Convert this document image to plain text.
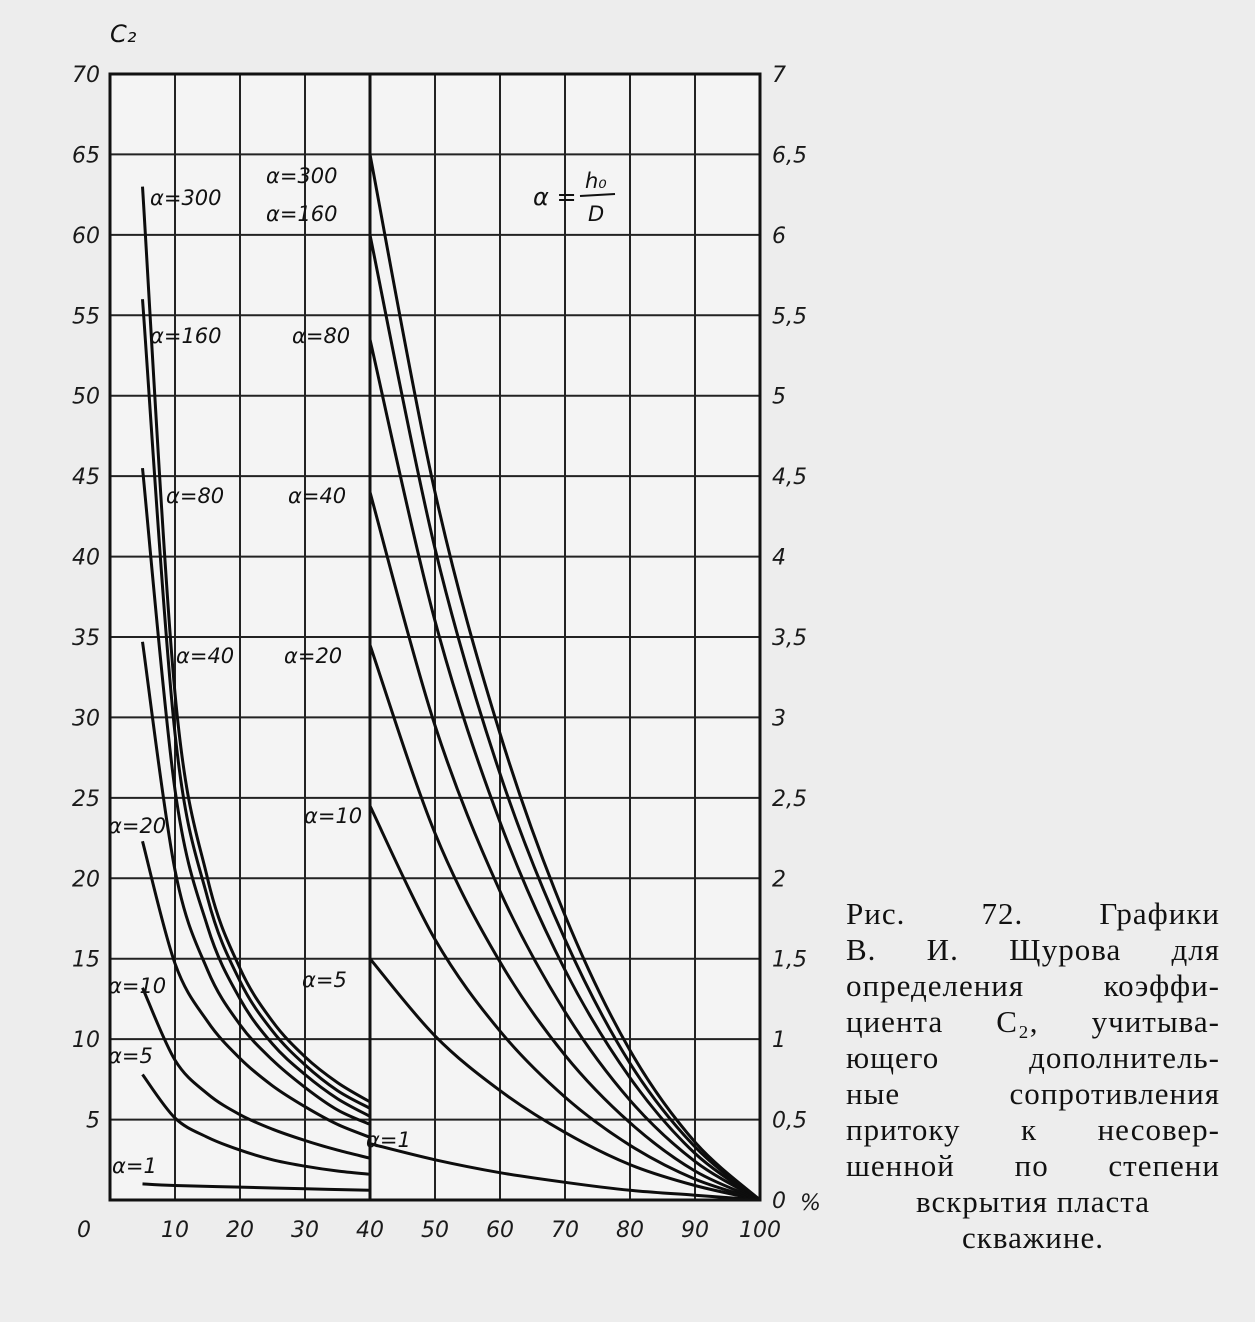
0	10 20 30 40 50 60 70 80 90 100
5
10
15
20
25
30
35
40
45
50
55
60
65
70
0
0,5
1
1,5
2
2,5
3
3,5
4
4,5
5
5,5
6
6,5
7
α=1
α=5
α=10
α=20
α=40
α=80
α=160
α=300
α=1
α=5
α=10
α=20
α=40
α=80
α=160
α=300
C₂
%
α =
h₀
D
Рис. 72. Графики
В. И. Щурова для
определения коэффи-
циента C₂, учитыва-
ющего дополнитель-
ные сопротивления
притоку к несовер-
шенной по степени
вскрытия пласта
скважине.
